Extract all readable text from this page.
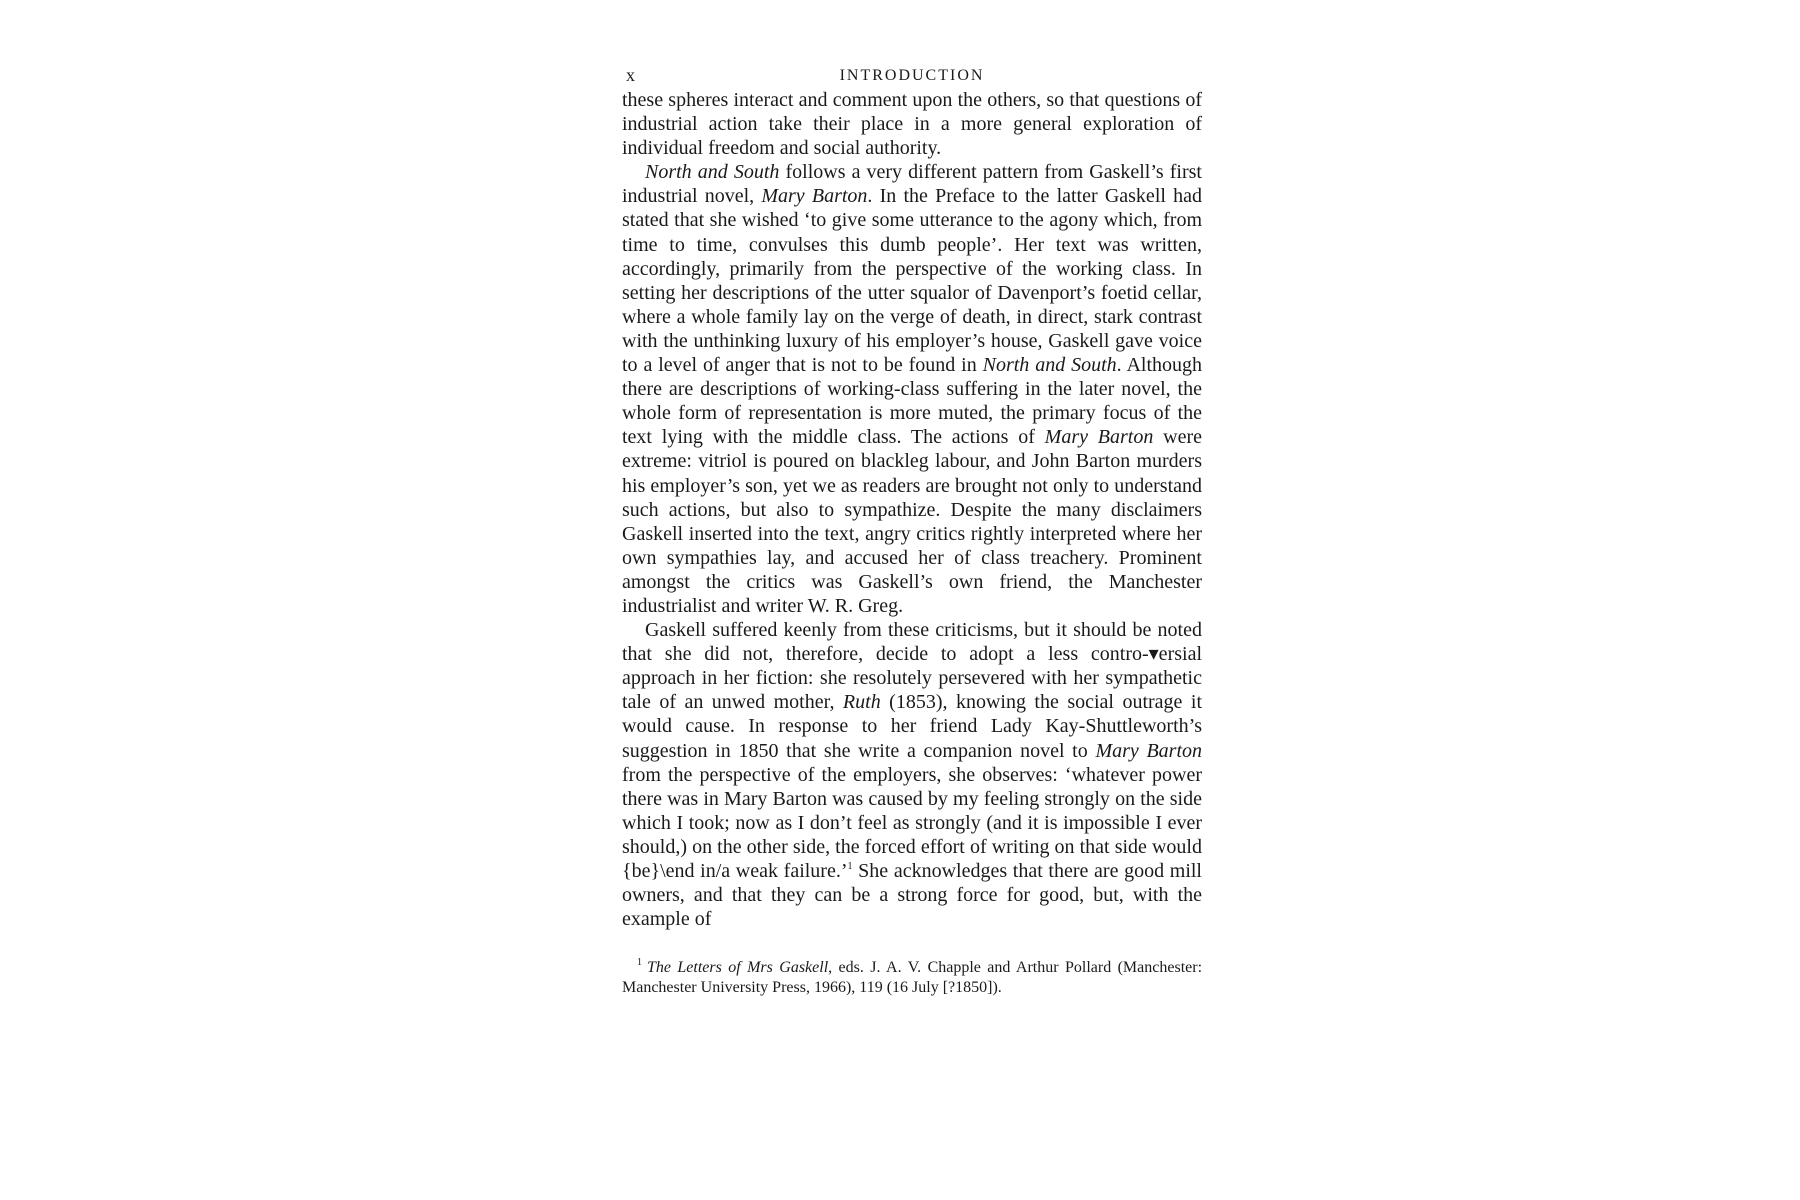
x	INTRODUCTION

these spheres interact and comment upon the others, so that questions of industrial action take their place in a more general exploration of individual freedom and social authority.

North and South follows a very different pattern from Gaskell’s first industrial novel, Mary Barton. In the Preface to the latter Gaskell had stated that she wished ‘to give some utterance to the agony which, from time to time, convulses this dumb people’. Her text was written, accordingly, primarily from the perspective of the working class. In setting her descriptions of the utter squalor of Davenport’s foetid cellar, where a whole family lay on the verge of death, in direct, stark contrast with the unthinking luxury of his employer’s house, Gaskell gave voice to a level of anger that is not to be found in North and South. Although there are descriptions of working-class suffering in the later novel, the whole form of representation is more muted, the primary focus of the text lying with the middle class. The actions of Mary Barton were extreme: vitriol is poured on blackleg labour, and John Barton murders his employer’s son, yet we as readers are brought not only to understand such actions, but also to sympathize. Despite the many disclaimers Gaskell inserted into the text, angry critics rightly interpreted where her own sympathies lay, and accused her of class treachery. Prominent amongst the critics was Gaskell’s own friend, the Manchester industrialist and writer W. R. Greg.

Gaskell suffered keenly from these criticisms, but it should be noted that she did not, therefore, decide to adopt a less contro-▾ersial approach in her fiction: she resolutely persevered with her sympathetic tale of an unwed mother, Ruth (1853), knowing the social outrage it would cause. In response to her friend Lady Kay-Shuttleworth’s suggestion in 1850 that she write a companion novel to Mary Barton from the perspective of the employers, she observes: ‘whatever power there was in Mary Barton was caused by my feeling strongly on the side which I took; now as I don’t feel as strongly (and it is impossible I ever should,) on the other side, the forced effort of writing on that side would {be}\end in/a weak failure.’$^1$ She acknowledges that there are good mill owners, and that they can be a strong force for good, but, with the example of

$^1$ The Letters of Mrs Gaskell, eds. J. A. V. Chapple and Arthur Pollard (Manchester: Manchester University Press, 1966), 119 (16 July [?1850]).
